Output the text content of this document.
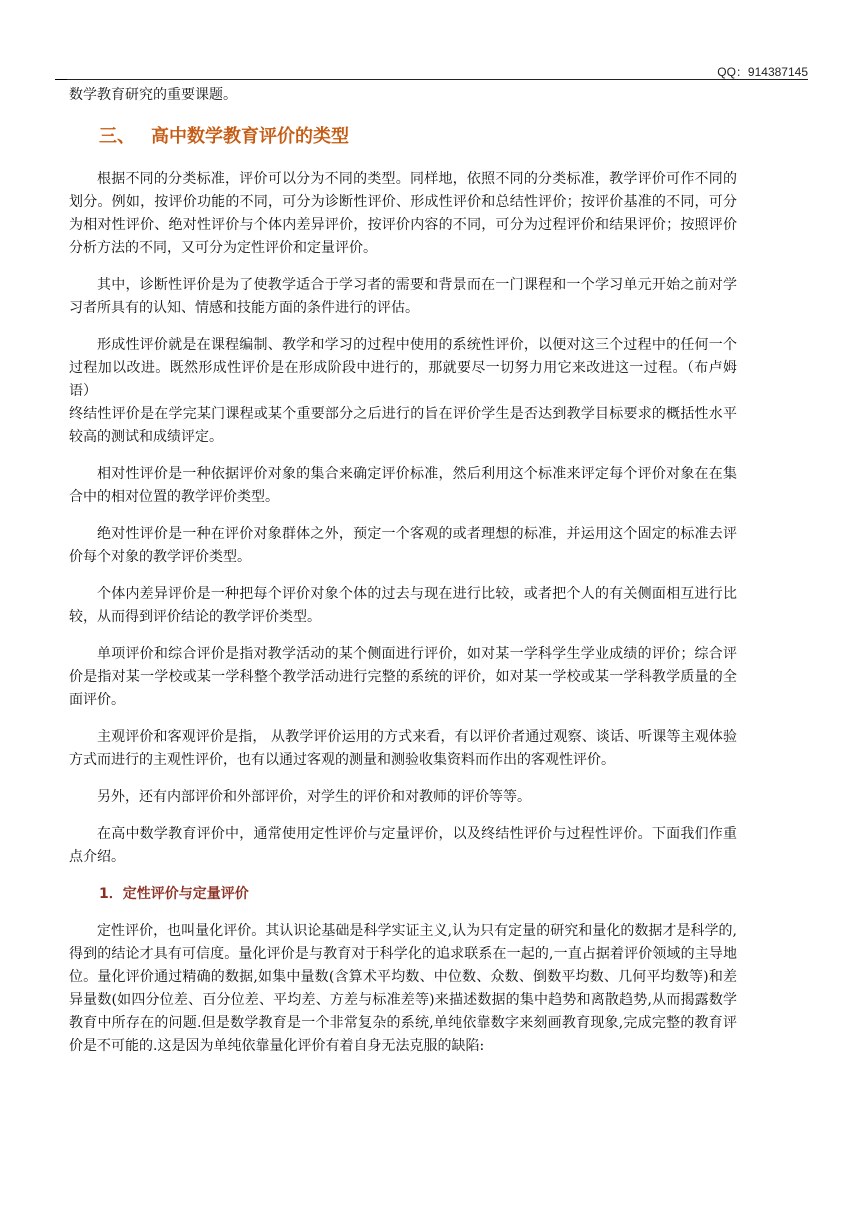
QQ：914387145

数学教育研究的重要课题。

三、 高中数学教育评价的类型

根据不同的分类标准，评价可以分为不同的类型。同样地，依照不同的分类标准，教学评价可作不同的划分。例如，按评价功能的不同，可分为诊断性评价、形成性评价和总结性评价；按评价基准的不同，可分为相对性评价、绝对性评价与个体内差异评价，按评价内容的不同，可分为过程评价和结果评价；按照评价分析方法的不同，又可分为定性评价和定量评价。

其中，诊断性评价是为了使教学适合于学习者的需要和背景而在一门课程和一个学习单元开始之前对学习者所具有的认知、情感和技能方面的条件进行的评估。

形成性评价就是在课程编制、教学和学习的过程中使用的系统性评价，以便对这三个过程中的任何一个过程加以改进。既然形成性评价是在形成阶段中进行的，那就要尽一切努力用它来改进这一过程。（布卢姆语）

终结性评价是在学完某门课程或某个重要部分之后进行的旨在评价学生是否达到教学目标要求的概括性水平较高的测试和成绩评定。

相对性评价是一种依据评价对象的集合来确定评价标准，然后利用这个标准来评定每个评价对象在在集合中的相对位置的教学评价类型。

绝对性评价是一种在评价对象群体之外，预定一个客观的或者理想的标准，并运用这个固定的标准去评价每个对象的教学评价类型。

个体内差异评价是一种把每个评价对象个体的过去与现在进行比较，或者把个人的有关侧面相互进行比较，从而得到评价结论的教学评价类型。

单项评价和综合评价是指对教学活动的某个侧面进行评价，如对某一学科学生学业成绩的评价；综合评价是指对某一学校或某一学科整个教学活动进行完整的系统的评价，如对某一学校或某一学科教学质量的全面评价。

主观评价和客观评价是指， 从教学评价运用的方式来看，有以评价者通过观察、谈话、听课等主观体验方式而进行的主观性评价，也有以通过客观的测量和测验收集资料而作出的客观性评价。

另外，还有内部评价和外部评价，对学生的评价和对教师的评价等等。

在高中数学教育评价中，通常使用定性评价与定量评价，以及终结性评价与过程性评价。下面我们作重点介绍。

1．定性评价与定量评价

定性评价，也叫量化评价。其认识论基础是科学实证主义,认为只有定量的研究和量化的数据才是科学的,得到的结论才具有可信度。量化评价是与教育对于科学化的追求联系在一起的,一直占据着评价领域的主导地位。量化评价通过精确的数据,如集中量数(含算术平均数、中位数、众数、倒数平均数、几何平均数等)和差异量数(如四分位差、百分位差、平均差、方差与标准差等)来描述数据的集中趋势和离散趋势,从而揭露数学教育中所存在的问题.但是数学教育是一个非常复杂的系统,单纯依靠数字来刻画教育现象,完成完整的教育评价是不可能的.这是因为单纯依靠量化评价有着自身无法克服的缺陷:
